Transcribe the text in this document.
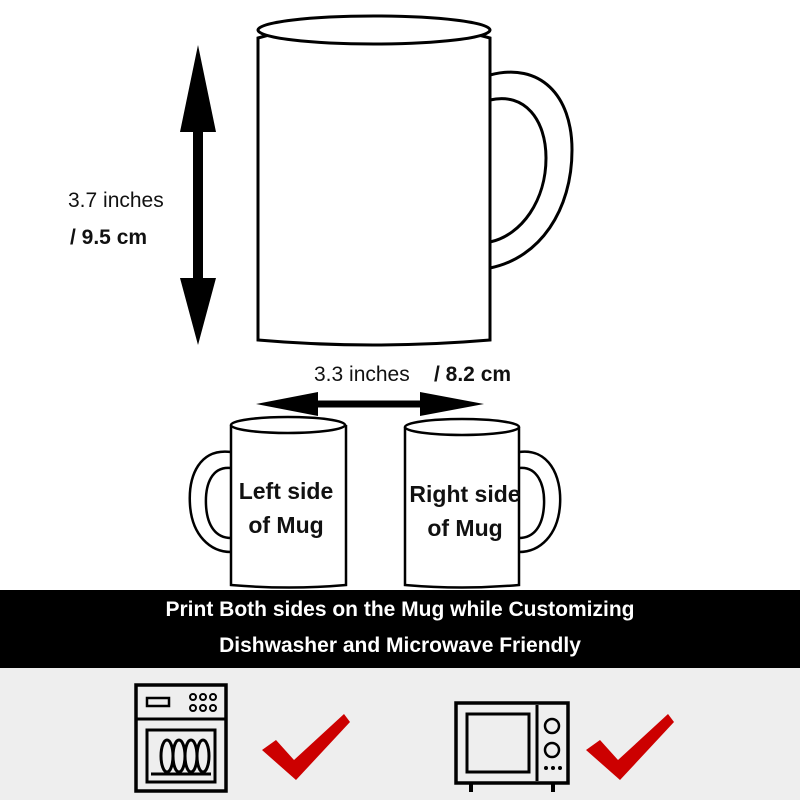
3.7 inches
/ 9.5 cm
3.3 inches / 8.2 cm
Left side
of Mug
Right side
of Mug
Print Both sides on the Mug while Customizing
Dishwasher and Microwave Friendly
